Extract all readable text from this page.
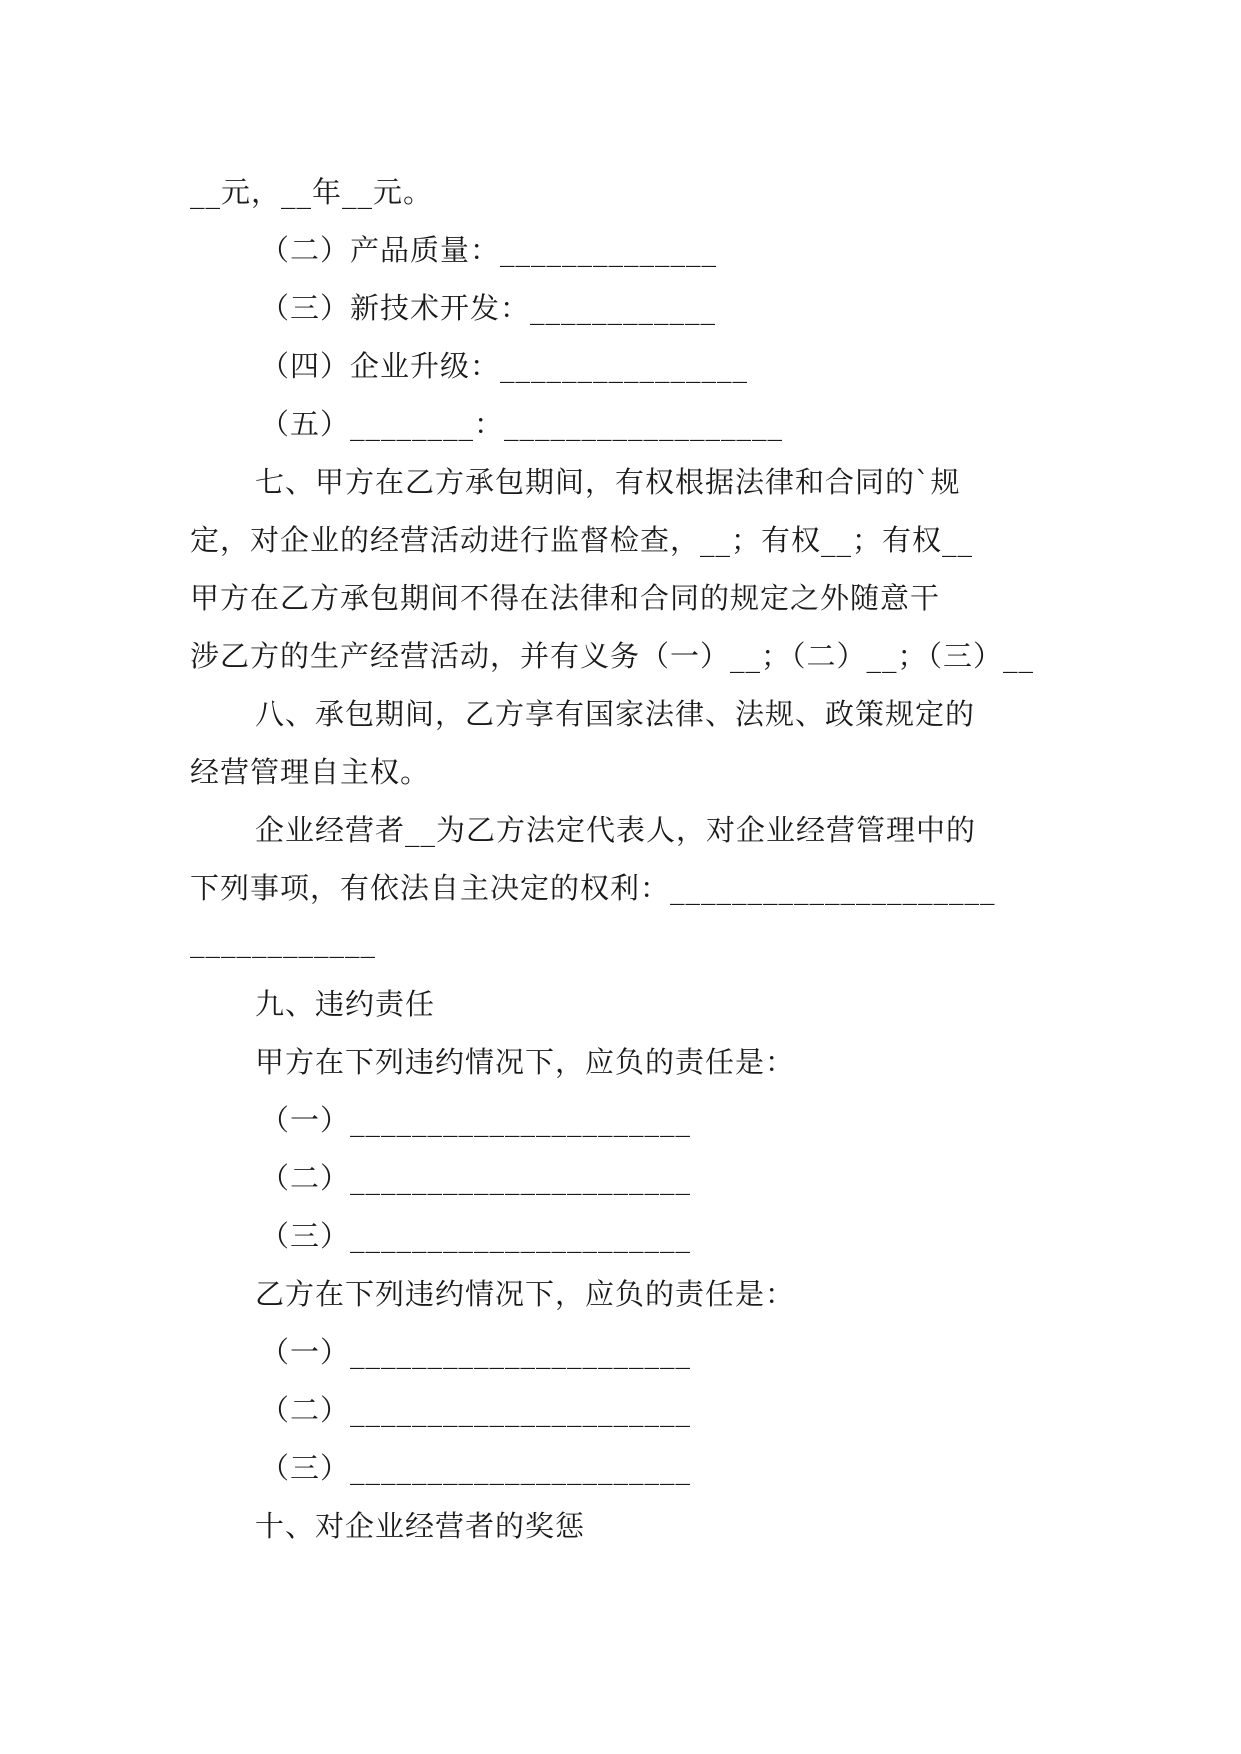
__元，__年__元。
（二）产品质量：______________
（三）新技术开发：____________
（四）企业升级：________________
（五）________：__________________
七、甲方在乙方承包期间，有权根据法律和合同的`规
定，对企业的经营活动进行监督检查，__；有权__；有权__
甲方在乙方承包期间不得在法律和合同的规定之外随意干
涉乙方的生产经营活动，并有义务（一）__；（二）__；（三）__
八、承包期间，乙方享有国家法律、法规、政策规定的
经营管理自主权。
企业经营者__为乙方法定代表人，对企业经营管理中的
下列事项，有依法自主决定的权利：_____________________
____________
九、违约责任
甲方在下列违约情况下，应负的责任是：
（一）______________________
（二）______________________
（三）______________________
乙方在下列违约情况下，应负的责任是：
（一）______________________
（二）______________________
（三）______________________
十、对企业经营者的奖惩
